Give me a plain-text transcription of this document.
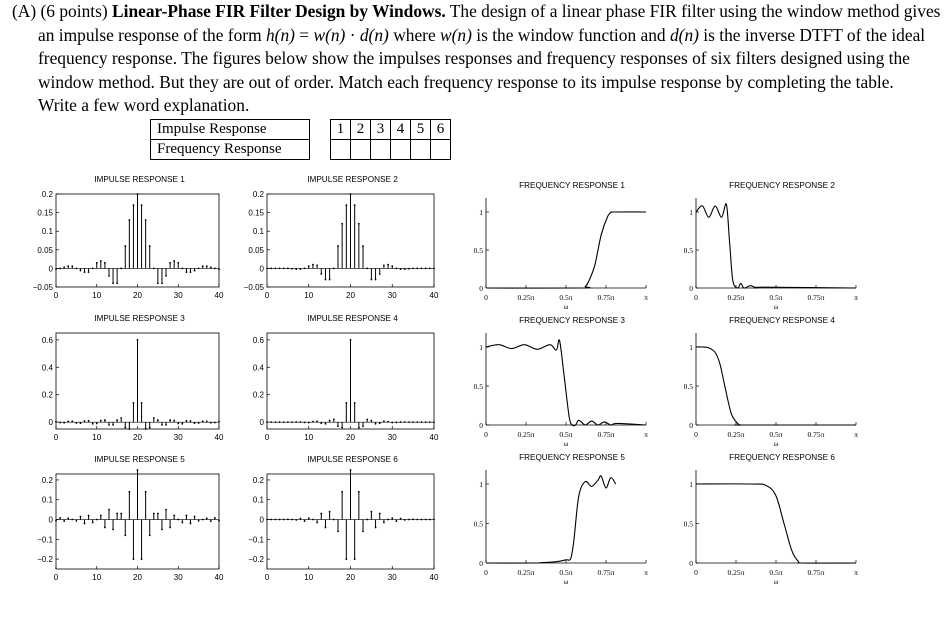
(A) (6 points) Linear-Phase FIR Filter Design by Windows. The design of a linear phase FIR filter using the window method gives
an impulse response of the form h(n) = w(n) · d(n) where w(n) is the window function and d(n) is the inverse DTFT of the ideal
frequency response. The figures below show the impulses responses and frequency responses of six filters designed using the
window method. But they are out of order. Match each frequency response to its impulse response by completing the table.
Write a few word explanation.
Impulse Response		1	2	3	4	5	6
Frequency Response							
IMPULSE RESPONSE 1
0	10	20	30	40
0.2
0.15
0.1
0.05
0
−0.05
IMPULSE RESPONSE 2
0	10	20	30	40
0.2
0.15
0.1
0.05
0
−0.05
IMPULSE RESPONSE 3
0	10	20	30	40
0.6
0.4
0.2
0
IMPULSE RESPONSE 4
0	10	20	30	40
0.6
0.4
0.2
0
IMPULSE RESPONSE 5
0	10	20	30	40
0.2
0.1
0
−0.1
−0.2
IMPULSE RESPONSE 6
0	10	20	30	40
0.2
0.1
0
−0.1
−0.2
FREQUENCY RESPONSE 1
1
0.5
0
0	0.25π	0.5π	0.75π	π
ω
FREQUENCY RESPONSE 2
1
0.5
0
0	0.25π	0.5π	0.75π	π
ω
FREQUENCY RESPONSE 3
1
0.5
0
0	0.25π	0.5π	0.75π	π
ω
FREQUENCY RESPONSE 4
1
0.5
0
0	0.25π	0.5π	0.75π	π
ω
FREQUENCY RESPONSE 5
1
0.5
0
0	0.25π	0.5π	0.75π	π
ω
FREQUENCY RESPONSE 6
1
0.5
0
0	0.25π	0.5π	0.75π	π
ω
